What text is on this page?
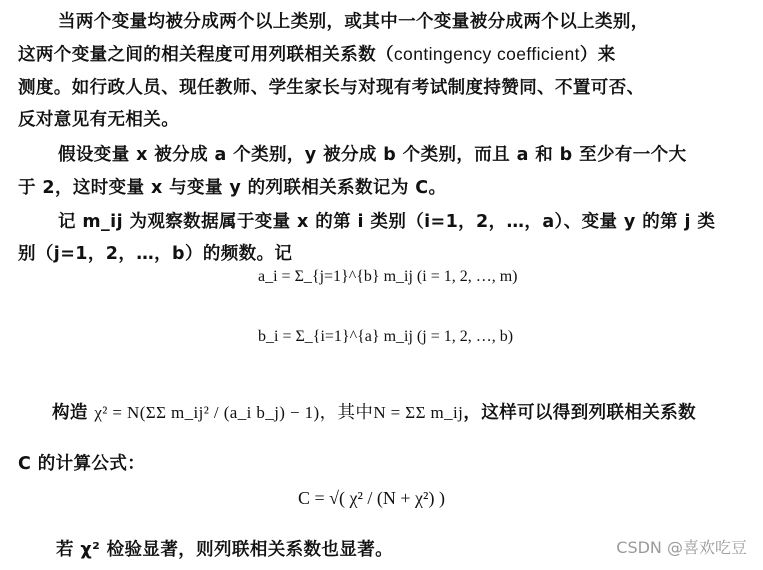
当两个变量均被分成两个以上类别，或其中一个变量被分成两个以上类别，
这两个变量之间的相关程度可用列联相关系数（contingency coefficient）来
测度。如行政人员、现任教师、学生家长与对现有考试制度持赞同、不置可否、
反对意见有无相关。
假设变量 x 被分成 a 个类别，y 被分成 b 个类别，而且 a 和 b 至少有一个大
于 2，这时变量 x 与变量 y 的列联相关系数记为 C。
记 m_ij 为观察数据属于变量 x 的第 i 类别（i=1，2，…，a）、变量 y 的第 j 类
别（j=1，2，…，b）的频数。记
a_i = Σ_{j=1}^{b} m_ij (i = 1, 2, …, m)
b_i = Σ_{i=1}^{a} m_ij (j = 1, 2, …, b)
构造 χ² = N(ΣΣ m_ij² / (a_i b_j) − 1)，其中N = ΣΣ m_ij，这样可以得到列联相关系数
C 的计算公式：
C = √( χ² / (N + χ²) )
若 χ² 检验显著，则列联相关系数也显著。	CSDN @喜欢吃豆
